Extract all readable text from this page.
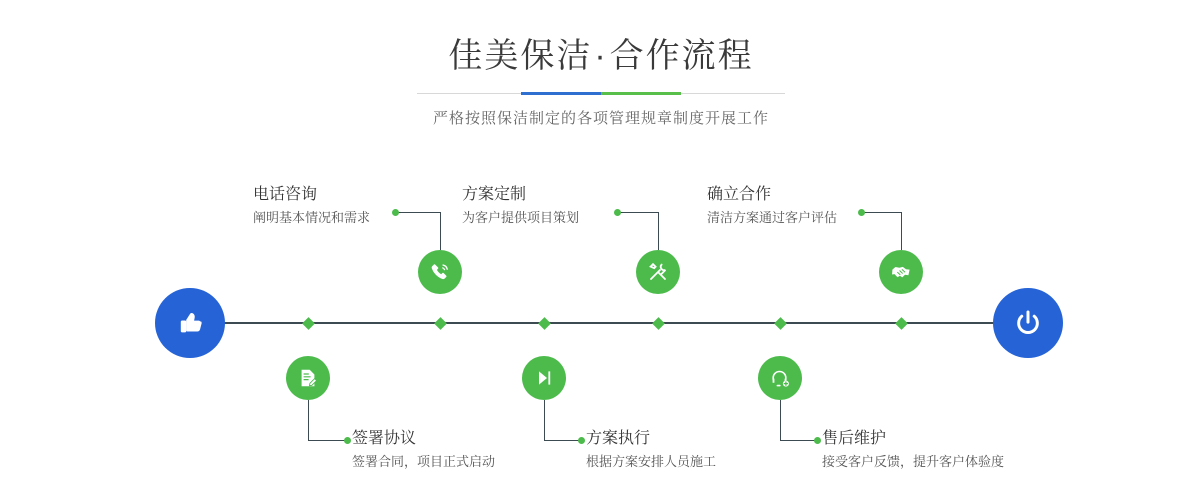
佳美保洁·合作流程

严格按照保洁制定的各项管理规章制度开展工作

电话咨询
阐明基本情况和需求
签署协议
签署合同，项目正式启动
方案定制
为客户提供项目策划
方案执行
根据方案安排人员施工
售后维护
接受客户反馈，提升客户体验度
确立合作
清洁方案通过客户评估
